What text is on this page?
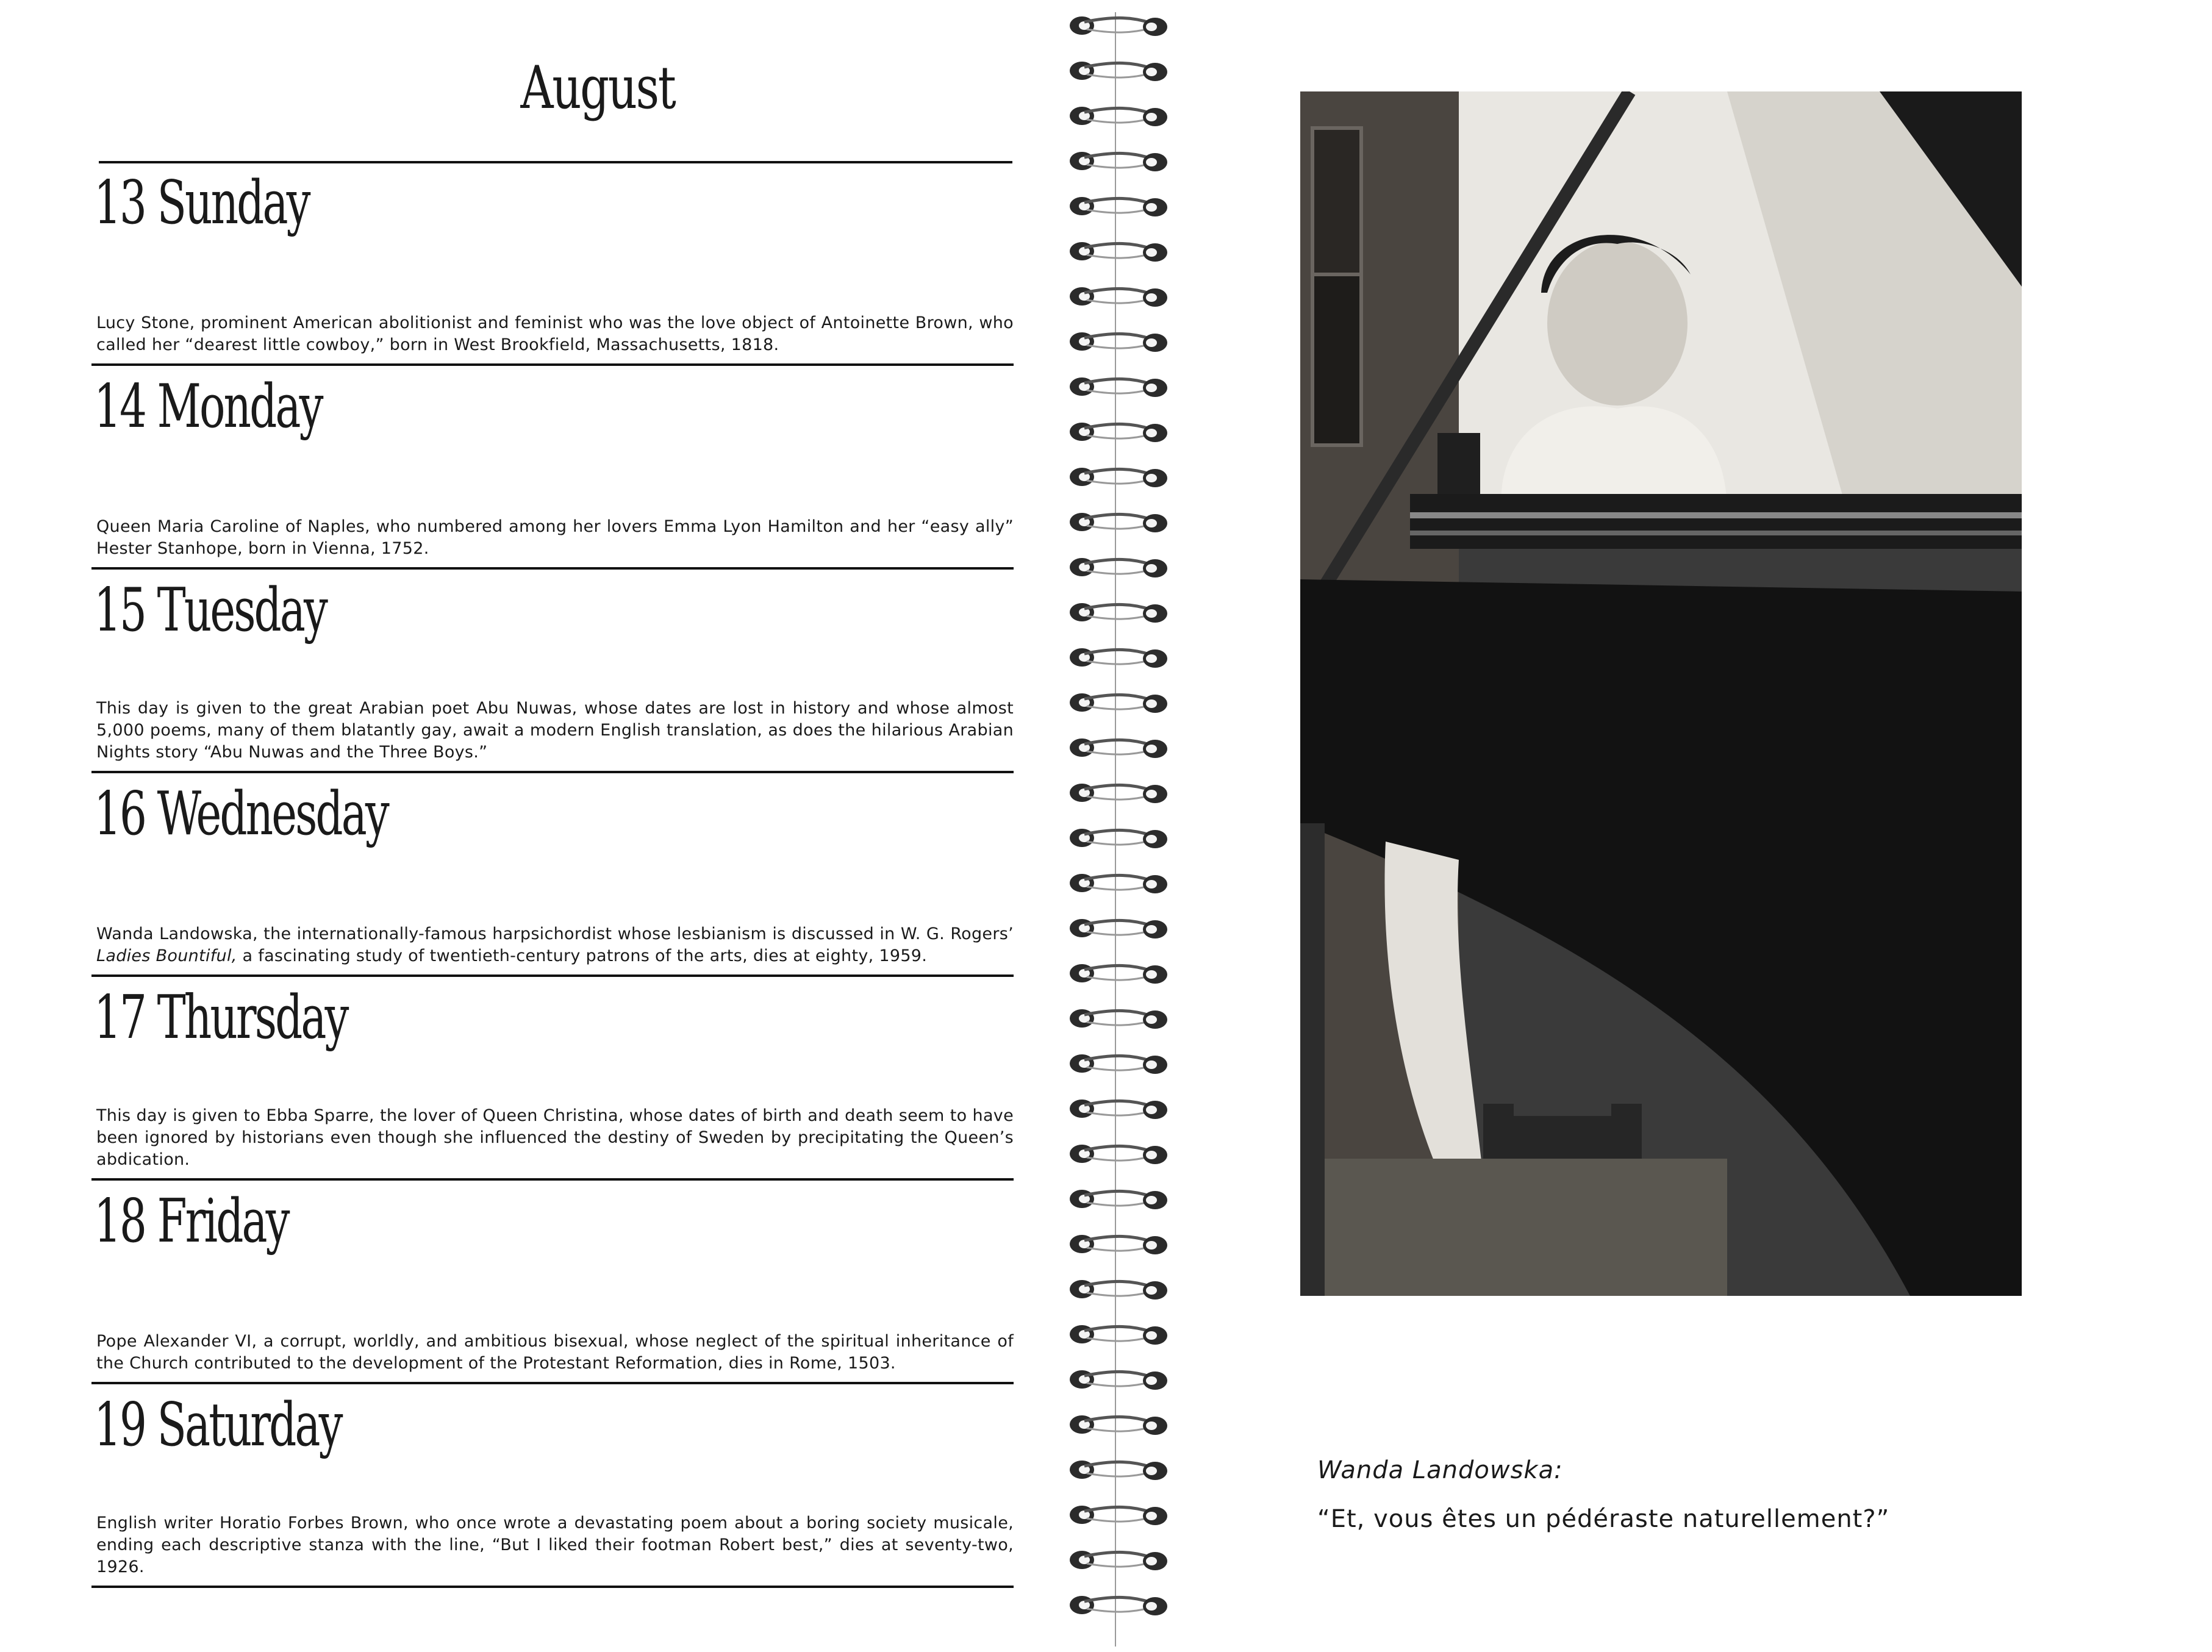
August
13 Sunday
Lucy Stone, prominent American abolitionist and feminist who was the love object of Antoinette Brown, who called her “dearest little cowboy,” born in West Brookfield, Massachusetts, 1818.
14 Monday
Queen Maria Caroline of Naples, who numbered among her lovers Emma Lyon Hamilton and her “easy ally” Hester Stanhope, born in Vienna, 1752.
15 Tuesday
This day is given to the great Arabian poet Abu Nuwas, whose dates are lost in history and whose almost 5,000 poems, many of them blatantly gay, await a modern English translation, as does the hilarious Arabian Nights story “Abu Nuwas and the Three Boys.”
16 Wednesday
Wanda Landowska, the internationally-famous harpsichordist whose lesbianism is discussed in W. G. Rogers’ Ladies Bountiful, a fascinating study of twentieth-century patrons of the arts, dies at eighty, 1959.
17 Thursday
This day is given to Ebba Sparre, the lover of Queen Christina, whose dates of birth and death seem to have been ignored by historians even though she influenced the destiny of Sweden by precipitating the Queen’s abdication.
18 Friday
Pope Alexander VI, a corrupt, worldly, and ambitious bisexual, whose neglect of the spiritual inheritance of the Church contributed to the development of the Protestant Reformation, dies in Rome, 1503.
19 Saturday
English writer Horatio Forbes Brown, who once wrote a devastating poem about a boring society musicale, ending each descriptive stanza with the line, “But I liked their footman Robert best,” dies at seventy-two, 1926.
Wanda Landowska:
“Et, vous êtes un pédéraste naturellement?”
